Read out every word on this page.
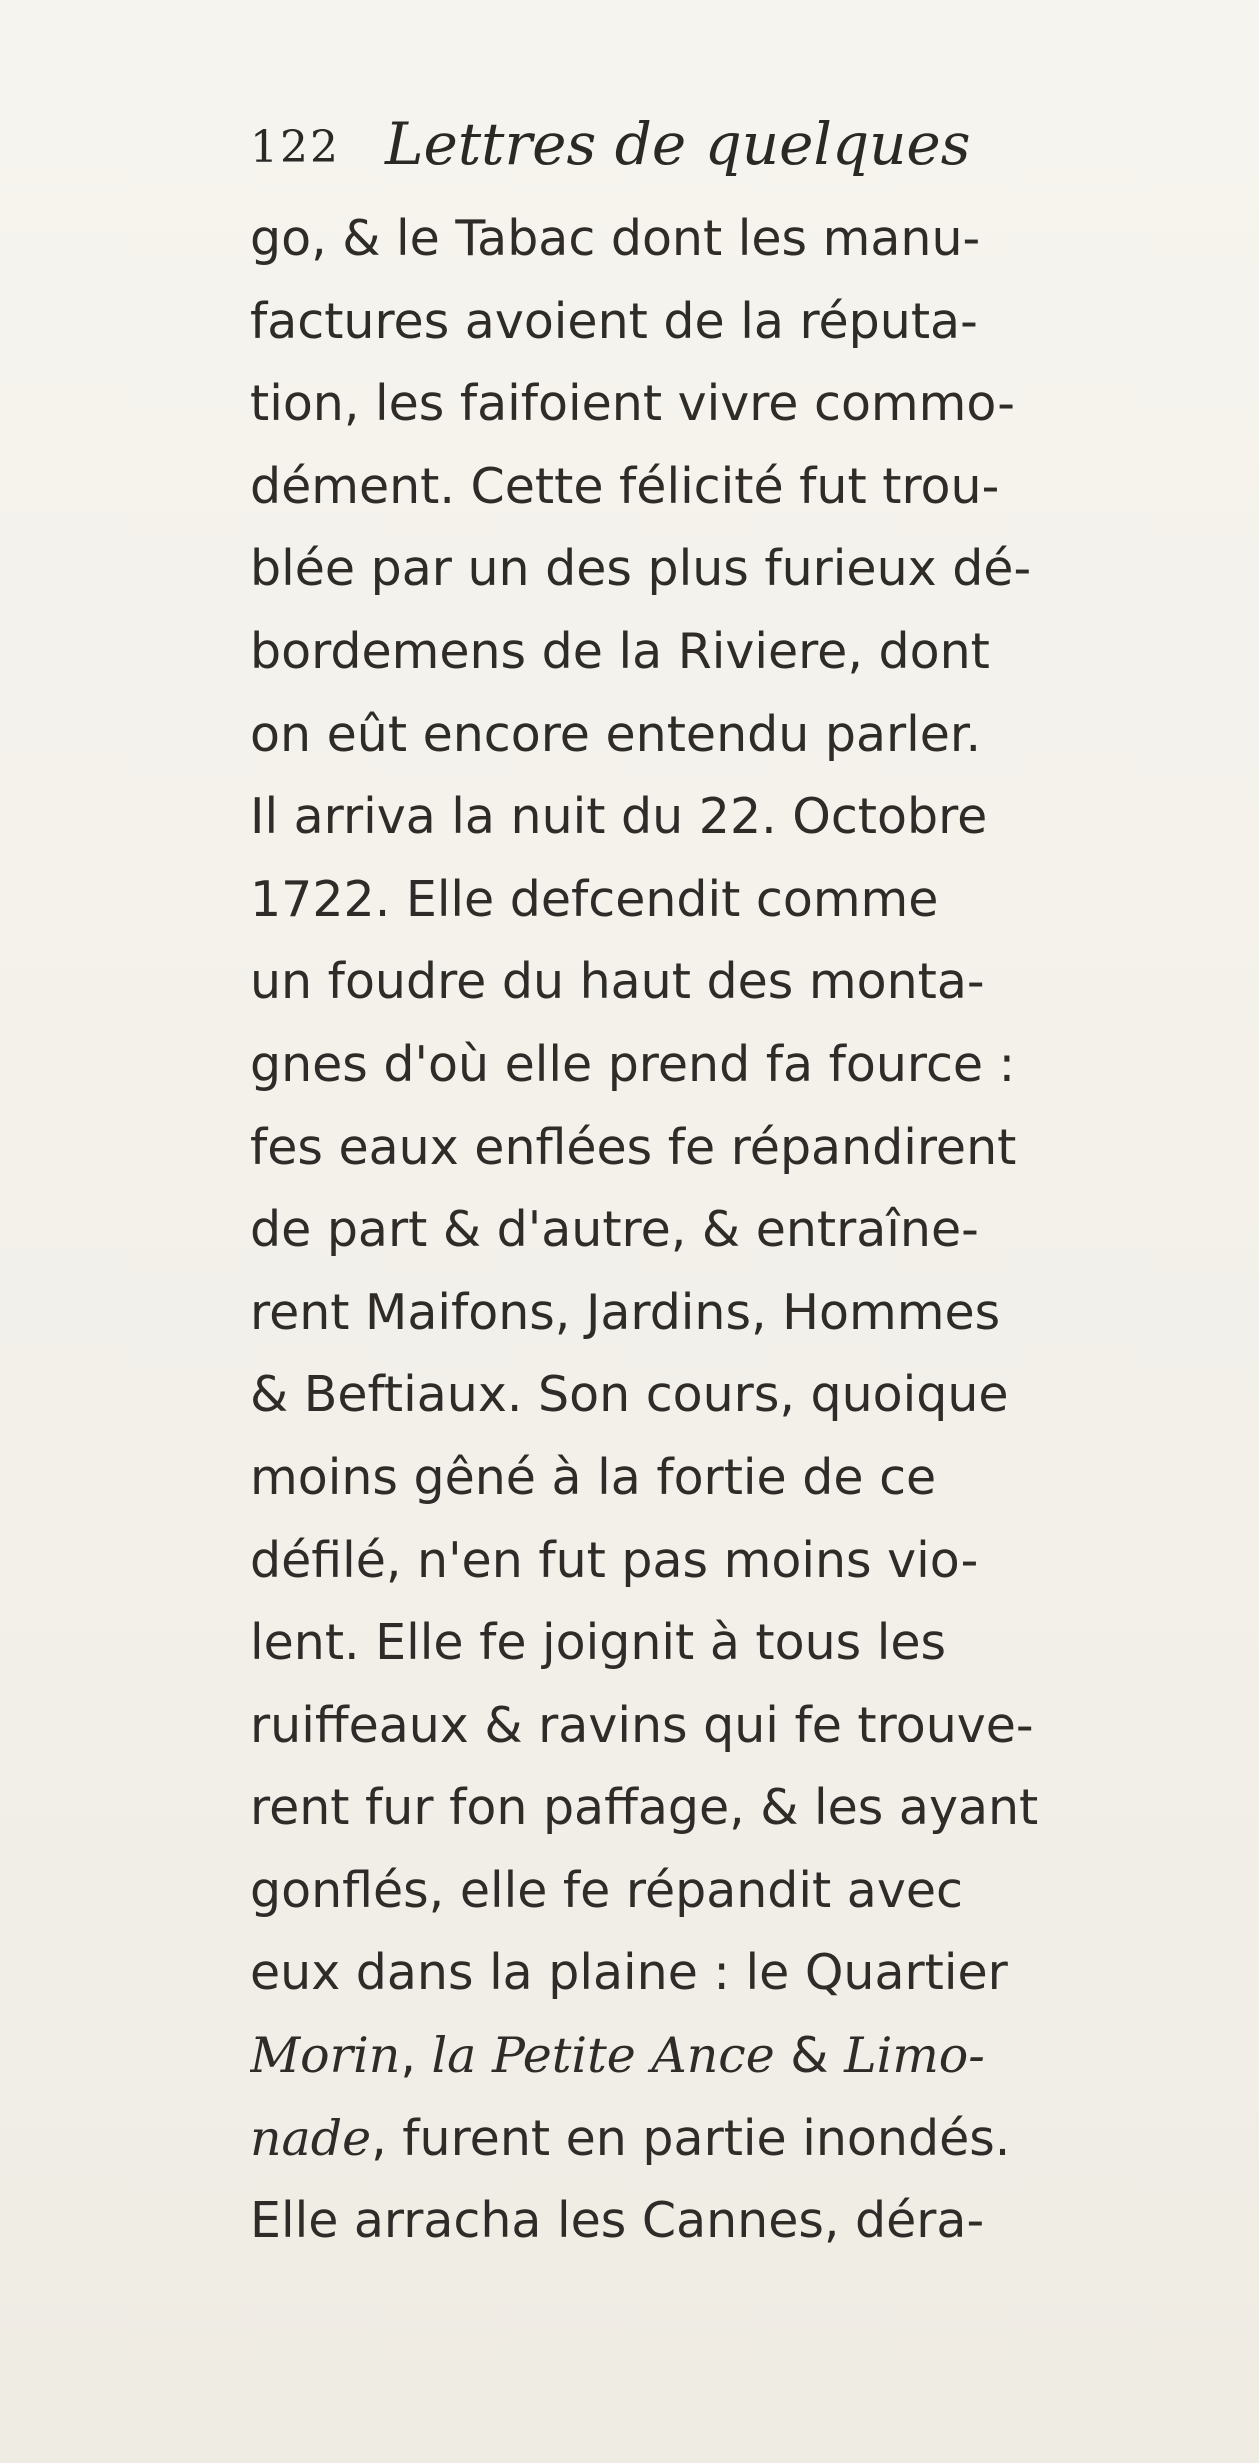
122 Lettres de quelques
go, & le Tabac dont les manu-
factures avoient de la réputa-
tion, les faifoient vivre commo-
dément. Cette félicité fut trou-
blée par un des plus furieux dé-
bordemens de la Riviere, dont
on eût encore entendu parler.
Il arriva la nuit du 22. Octobre
1722. Elle defcendit comme
un foudre du haut des monta-
gnes d'où elle prend fa fource :
fes eaux enflées fe répandirent
de part & d'autre, & entraîne-
rent Maifons, Jardins, Hommes
& Beftiaux. Son cours, quoique
moins gêné à la fortie de ce
défilé, n'en fut pas moins vio-
lent. Elle fe joignit à tous les
ruiffeaux & ravins qui fe trouve-
rent fur fon paffage, & les ayant
gonflés, elle fe répandit avec
eux dans la plaine : le Quartier
Morin, la Petite Ance & Limo-
nade, furent en partie inondés.
Elle arracha les Cannes, déra-
